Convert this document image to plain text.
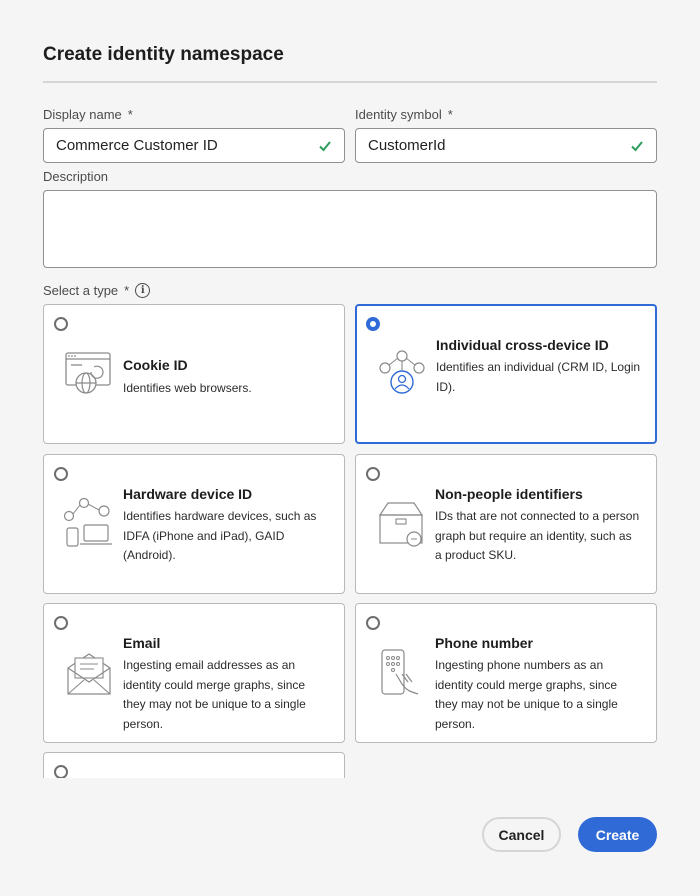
Create identity namespace
Display name *
Commerce Customer ID
Identity symbol *
CustomerId
Description
Select a type *	i
Cookie ID
Identifies web browsers.
Individual cross-device ID
Identifies an individual (CRM ID, Login ID).
Hardware device ID
Identifies hardware devices, such as IDFA (iPhone and iPad), GAID (Android).
Non-people identifiers
IDs that are not connected to a person graph but require an identity, such as a product SKU.
Email
Ingesting email addresses as an identity could merge graphs, since they may not be unique to a single person.
Phone number
Ingesting phone numbers as an identity could merge graphs, since they may not be unique to a single person.
Cancel	Create
